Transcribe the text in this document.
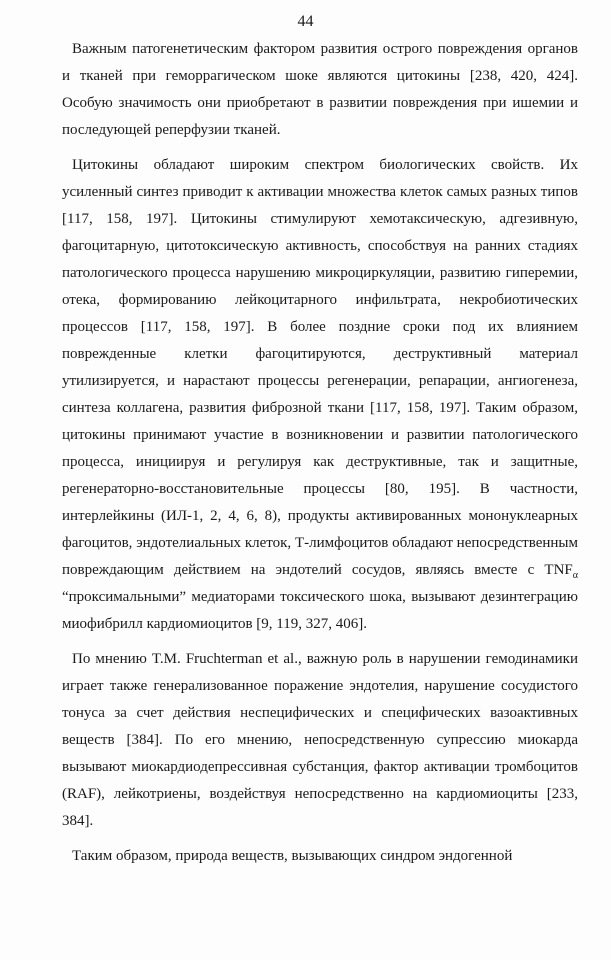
44

Важным патогенетическим фактором развития острого повреждения органов и тканей при геморрагическом шоке являются цитокины [238, 420, 424]. Особую значимость они приобретают в развитии повреждения при ишемии и последующей реперфузии тканей.

Цитокины обладают широким спектром биологических свойств. Их усиленный синтез приводит к активации множества клеток самых разных типов [117, 158, 197]. Цитокины стимулируют хемотаксическую, адгезивную, фагоцитарную, цитотоксическую активность, способствуя на ранних стадиях патологического процесса нарушению микроциркуляции, развитию гиперемии, отека, формированию лейкоцитарного инфильтрата, некробиотических процессов [117, 158, 197]. В более поздние сроки под их влиянием поврежденные клетки фагоцитируются, деструктивный материал утилизируется, и нарастают процессы регенерации, репарации, ангиогенеза, синтеза коллагена, развития фиброзной ткани [117, 158, 197]. Таким образом, цитокины принимают участие в возникновении и развитии патологического процесса, инициируя и регулируя как деструктивные, так и защитные, регенераторно-восстановительные процессы [80, 195]. В частности, интерлейкины (ИЛ-1, 2, 4, 6, 8), продукты активированных мононуклеарных фагоцитов, эндотелиальных клеток, Т-лимфоцитов обладают непосредственным повреждающим действием на эндотелий сосудов, являясь вместе с $TNF_\alpha$ “проксимальными” медиаторами токсического шока, вызывают дезинтеграцию миофибрилл кардиомиоцитов [9, 119, 327, 406].

По мнению T.M. Fruchterman et al., важную роль в нарушении гемодинамики играет также генерализованное поражение эндотелия, нарушение сосудистого тонуса за счет действия неспецифических и специфических вазоактивных веществ [384]. По его мнению, непосредственную супрессию миокарда вызывают миокардиодепрессивная субстанция, фактор активации тромбоцитов (RAF), лейкотриены, воздействуя непосредственно на кардиомиоциты [233, 384].

Таким образом, природа веществ, вызывающих синдром эндогенной
